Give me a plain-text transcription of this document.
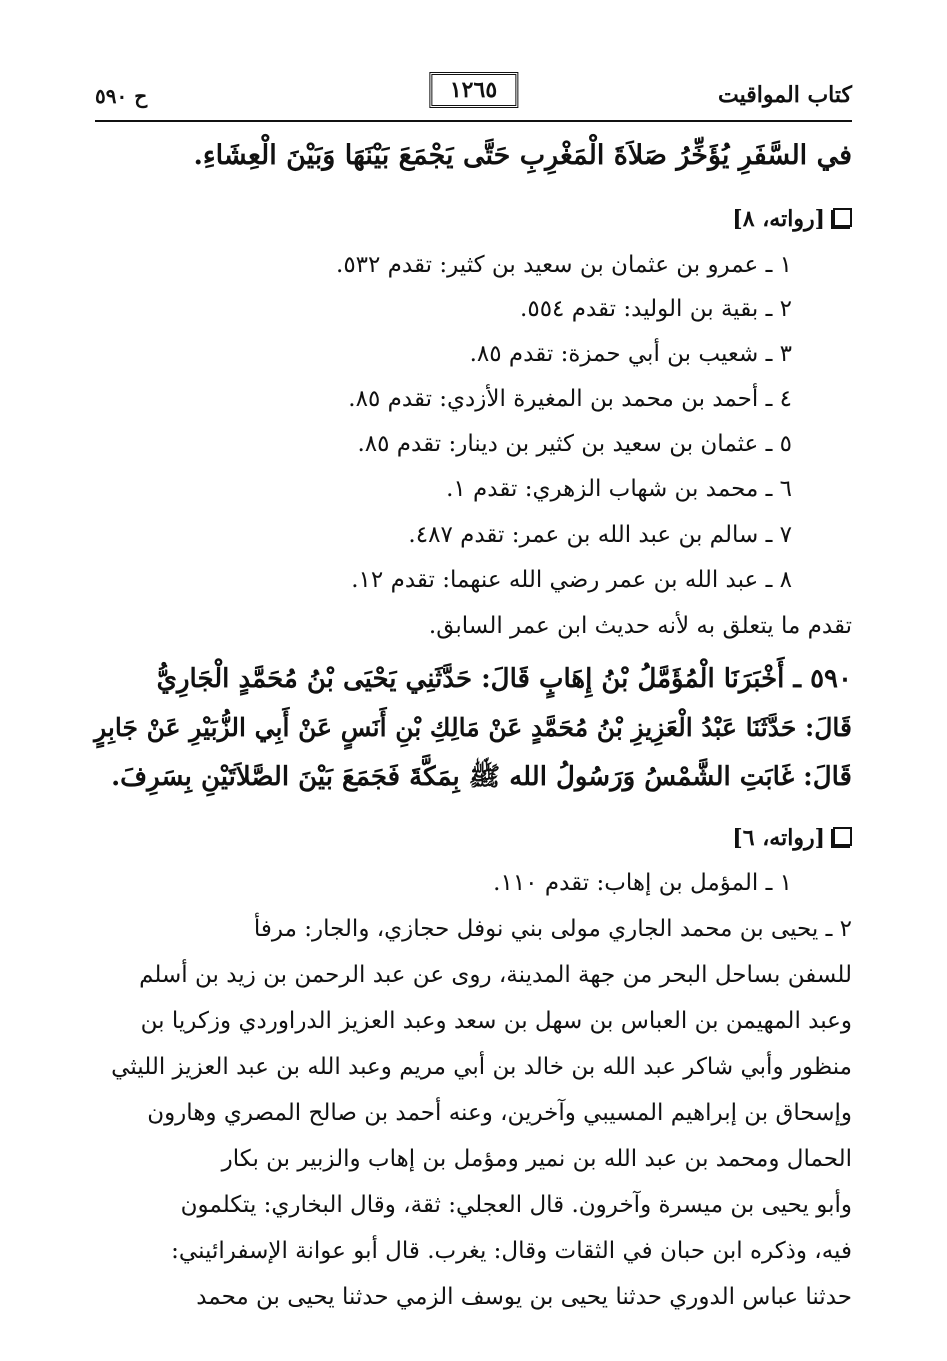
كتاب المواقيت
١٢٦٥
ح ٥٩٠
في السَّفَرِ يُؤَخِّرُ صَلاَةَ الْمَغْرِبِ حَتَّى يَجْمَعَ بَيْنَهَا وَبَيْنَ الْعِشَاءِ.
[رواته، ٨]
١ ـ عمرو بن عثمان بن سعيد بن كثير: تقدم ٥٣٢.
٢ ـ بقية بن الوليد: تقدم ٥٥٤.
٣ ـ شعيب بن أبي حمزة: تقدم ٨٥.
٤ ـ أحمد بن محمد بن المغيرة الأزدي: تقدم ٨٥.
٥ ـ عثمان بن سعيد بن كثير بن دينار: تقدم ٨٥.
٦ ـ محمد بن شهاب الزهري: تقدم ١.
٧ ـ سالم بن عبد الله بن عمر: تقدم ٤٨٧.
٨ ـ عبد الله بن عمر رضي الله عنهما: تقدم ١٢.
تقدم ما يتعلق به لأنه حديث ابن عمر السابق.
٥٩٠ ـ أَخْبَرَنَا الْمُؤَمَّلُ بْنُ إِهَابٍ قَالَ: حَدَّثَنِي يَحْيَى بْنُ مُحَمَّدٍ الْجَارِيُّ
قَالَ: حَدَّثَنَا عَبْدُ الْعَزِيزِ بْنُ مُحَمَّدٍ عَنْ مَالِكِ بْنِ أَنَسٍ عَنْ أَبِي الزُّبَيْرِ عَنْ جَابِرٍ
قَالَ: غَابَتِ الشَّمْسُ وَرَسُولُ الله ﷺ بِمَكَّةَ فَجَمَعَ بَيْنَ الصَّلاَتَيْنِ بِسَرِفَ.
[رواته، ٦]
١ ـ المؤمل بن إهاب: تقدم ١١٠.
٢ ـ يحيى بن محمد الجاري مولى بني نوفل حجازي، والجار: مرفأ
للسفن بساحل البحر من جهة المدينة، روى عن عبد الرحمن بن زيد بن أسلم
وعبد المهيمن بن العباس بن سهل بن سعد وعبد العزيز الدراوردي وزكريا بن
منظور وأبي شاكر عبد الله بن خالد بن أبي مريم وعبد الله بن عبد العزيز الليثي
وإسحاق بن إبراهيم المسيبي وآخرين، وعنه أحمد بن صالح المصري وهارون
الحمال ومحمد بن عبد الله بن نمير ومؤمل بن إهاب والزبير بن بكار
وأبو يحيى بن ميسرة وآخرون. قال العجلي: ثقة، وقال البخاري: يتكلمون
فيه، وذكره ابن حبان في الثقات وقال: يغرب. قال أبو عوانة الإسفرائيني:
حدثنا عباس الدوري حدثنا يحيى بن يوسف الزمي حدثنا يحيى بن محمد
